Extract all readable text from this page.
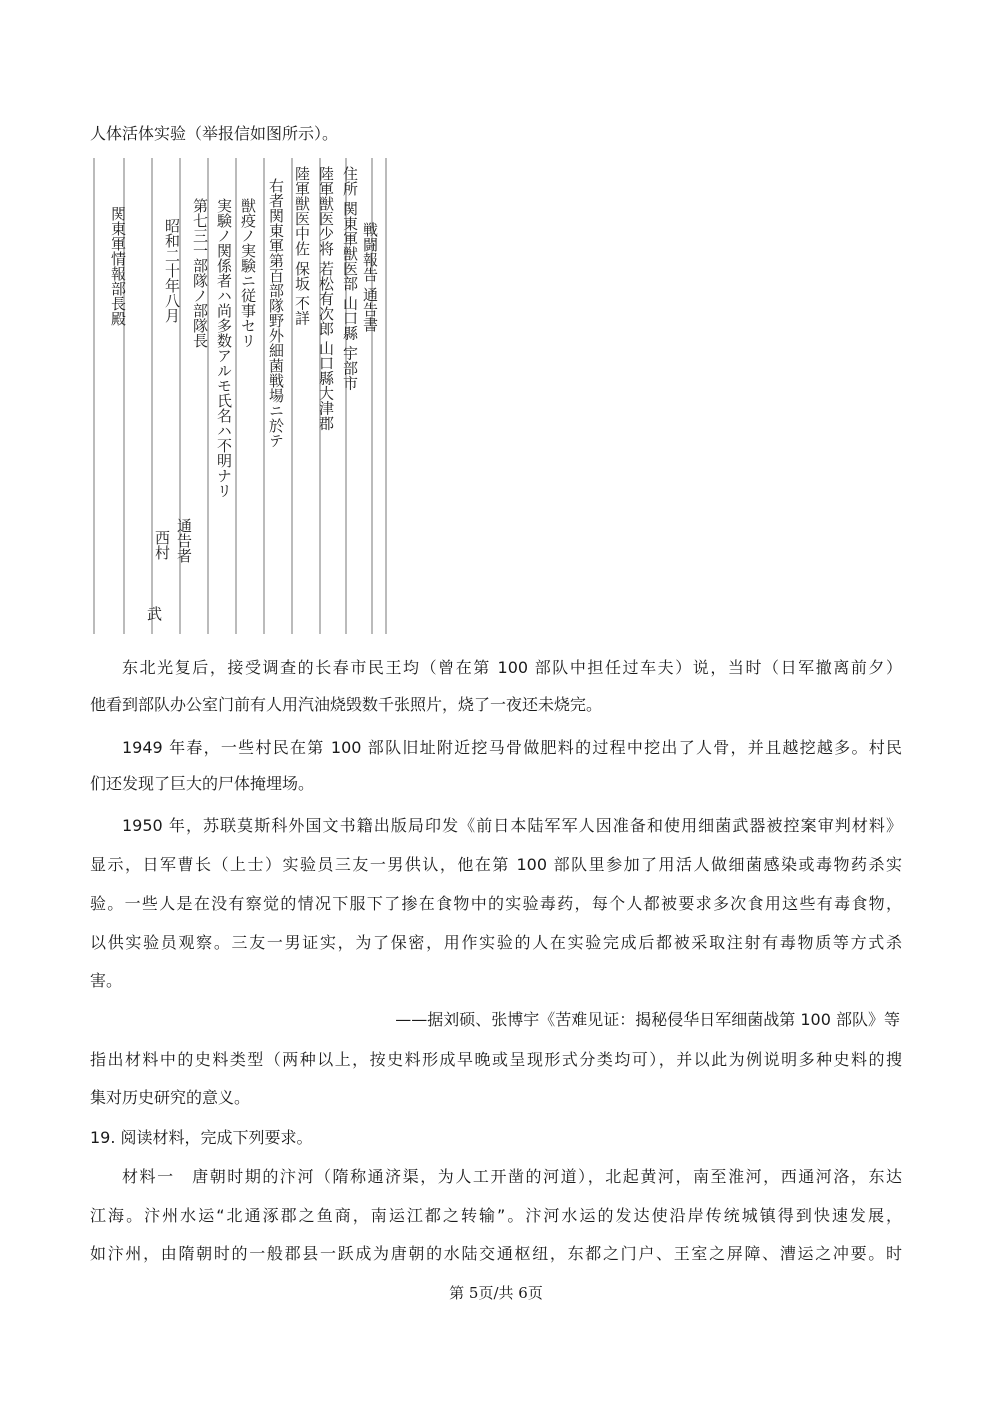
人体活体实验（举报信如图所示）。
戦闘報告 通告書
住所 関東軍獣医部 山口縣 宇部市
陸軍獣医少将 若松有次郎 山口縣大津郡
陸軍獣医中佐 保坂 不詳
右者関東軍第百部隊野外細菌戦場ニ於テ
獣疫ノ実験ニ従事セリ
実験ノ関係者ハ尚多数アルモ氏名ハ不明ナリ
第七三一部隊ノ部隊長
昭和二十年八月
関東軍情報部長殿
通告者
西村
武
东北光复后，接受调查的长春市民王均（曾在第 100 部队中担任过车夫）说，当时（日军撤离前夕）
他看到部队办公室门前有人用汽油烧毁数千张照片，烧了一夜还未烧完。
1949 年春，一些村民在第 100 部队旧址附近挖马骨做肥料的过程中挖出了人骨，并且越挖越多。村民
们还发现了巨大的尸体掩埋场。
1950 年，苏联莫斯科外国文书籍出版局印发《前日本陆军军人因准备和使用细菌武器被控案审判材料》
显示，日军曹长（上士）实验员三友一男供认，他在第 100 部队里参加了用活人做细菌感染或毒物药杀实
验。一些人是在没有察觉的情况下服下了掺在食物中的实验毒药，每个人都被要求多次食用这些有毒食物，
以供实验员观察。三友一男证实，为了保密，用作实验的人在实验完成后都被采取注射有毒物质等方式杀
害。
——据刘硕、张博宇《苦难见证：揭秘侵华日军细菌战第 100 部队》等
指出材料中的史料类型（两种以上，按史料形成早晚或呈现形式分类均可），并以此为例说明多种史料的搜
集对历史研究的意义。
19. 阅读材料，完成下列要求。
材料一　唐朝时期的汴河（隋称通济渠，为人工开凿的河道），北起黄河，南至淮河，西通河洛，东达
江海。汴州水运“北通涿郡之鱼商，南运江都之转输”。汴河水运的发达使沿岸传统城镇得到快速发展，
如汴州，由隋朝时的一般郡县一跃成为唐朝的水陆交通枢纽，东都之门户、王室之屏障、漕运之冲要。时
第 5页/共 6页
